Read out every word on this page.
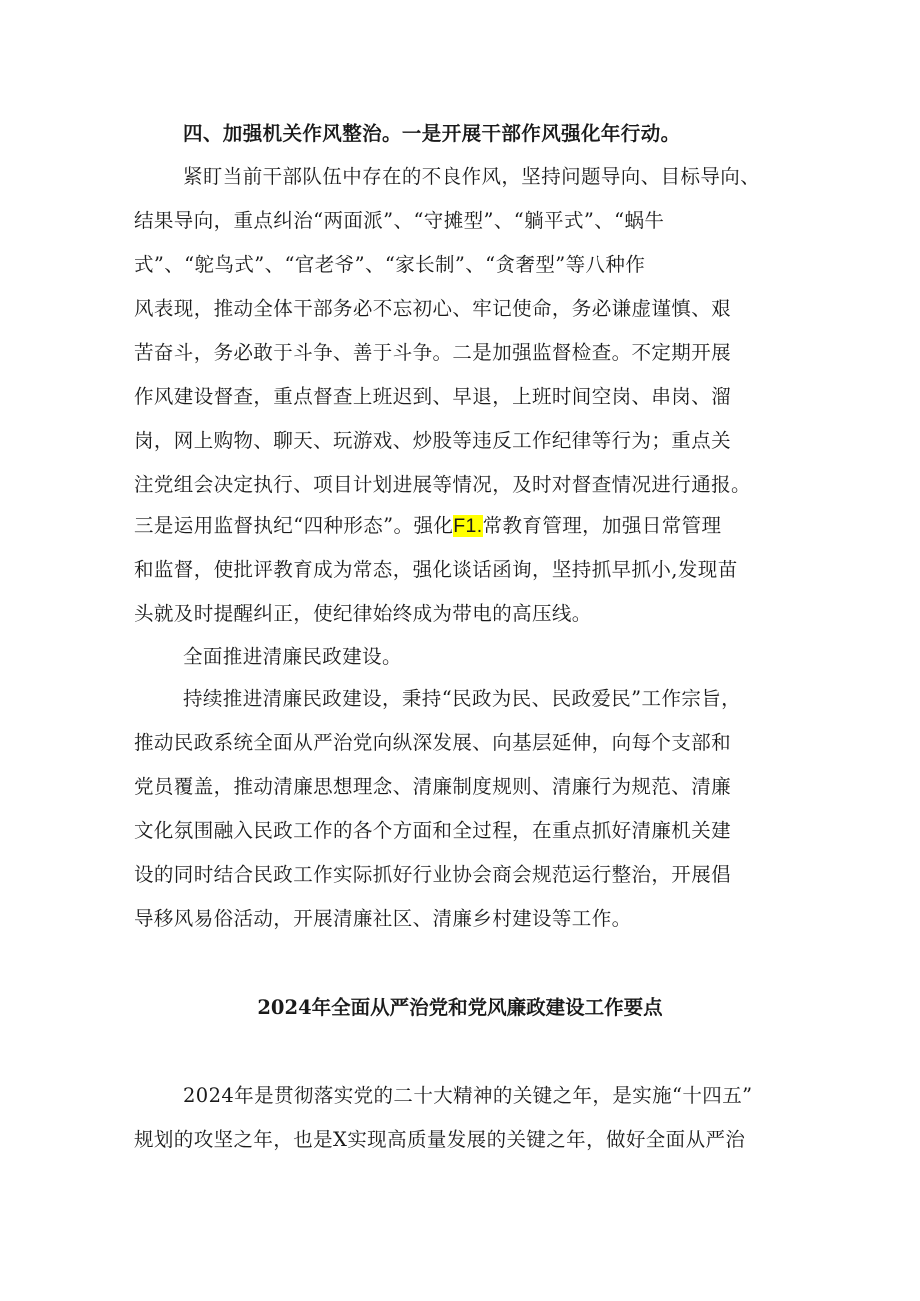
四、加强机关作风整治。一是开展干部作风强化年行动。
紧盯当前干部队伍中存在的不良作风，坚持问题导向、目标导向、
结果导向，重点纠治“两面派”、“守摊型”、“躺平式”、“蜗牛
式”、“鸵鸟式”、“官老爷”、“家长制”、“贪奢型”等八种作
风表现，推动全体干部务必不忘初心、牢记使命，务必谦虚谨慎、艰
苦奋斗，务必敢于斗争、善于斗争。二是加强监督检查。不定期开展
作风建设督查，重点督查上班迟到、早退，上班时间空岗、串岗、溜
岗，网上购物、聊天、玩游戏、炒股等违反工作纪律等行为；重点关
注党组会决定执行、项目计划进展等情况，及时对督查情况进行通报。
三是运用监督执纪“四种形态”。强化F1.常教育管理，加强日常管理
和监督，使批评教育成为常态，强化谈话函询，坚持抓早抓小,发现苗
头就及时提醒纠正，使纪律始终成为带电的高压线。
全面推进清廉民政建设。
持续推进清廉民政建设，秉持“民政为民、民政爱民”工作宗旨，
推动民政系统全面从严治党向纵深发展、向基层延伸，向每个支部和
党员覆盖，推动清廉思想理念、清廉制度规则、清廉行为规范、清廉
文化氛围融入民政工作的各个方面和全过程，在重点抓好清廉机关建
设的同时结合民政工作实际抓好行业协会商会规范运行整治，开展倡
导移风易俗活动，开展清廉社区、清廉乡村建设等工作。
2024年全面从严治党和党风廉政建设工作要点
2024年是贯彻落实党的二十大精神的关键之年，是实施“十四五”
规划的攻坚之年，也是X实现高质量发展的关键之年，做好全面从严治
